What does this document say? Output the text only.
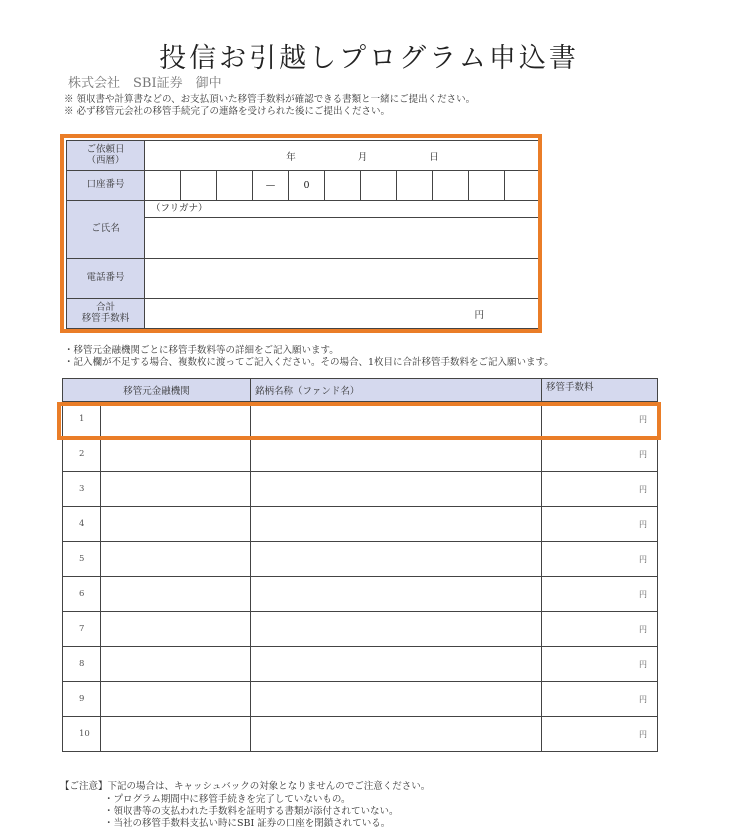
投信お引越しプログラム申込書
株式会社　SBI証券　御中
※ 領収書や計算書などの、お支払頂いた移管手数料が確認できる書類と一緒にご提出ください。
※ 必ず移管元会社の移管手続完了の連絡を受けられた後にご提出ください。
ご依頼日
（西暦）	年 月 日										

口座番号				—	0						
ご氏名	（フリガナ）										

電話番号											
合計
移管手数料	円										
・移管元金融機関ごとに移管手数料等の詳細をご記入願います。
・記入欄が不足する場合、複数枚に渡ってご記入ください。その場合、1枚目に合計移管手数料をご記入願います。
移管元金融機関		銘柄名称（ファンド名）	移管手数料
1			円
2			円
3			円
4			円
5			円
6			円
7			円
8			円
9			円
10			円
【ご注意】下記の場合は、キャッシュバックの対象となりませんのでご注意ください。
・プログラム期間中に移管手続きを完了していないもの。
・領収書等の支払われた手数料を証明する書類が添付されていない。
・当社の移管手数料支払い時にSBI 証券の口座を閉鎖されている。
